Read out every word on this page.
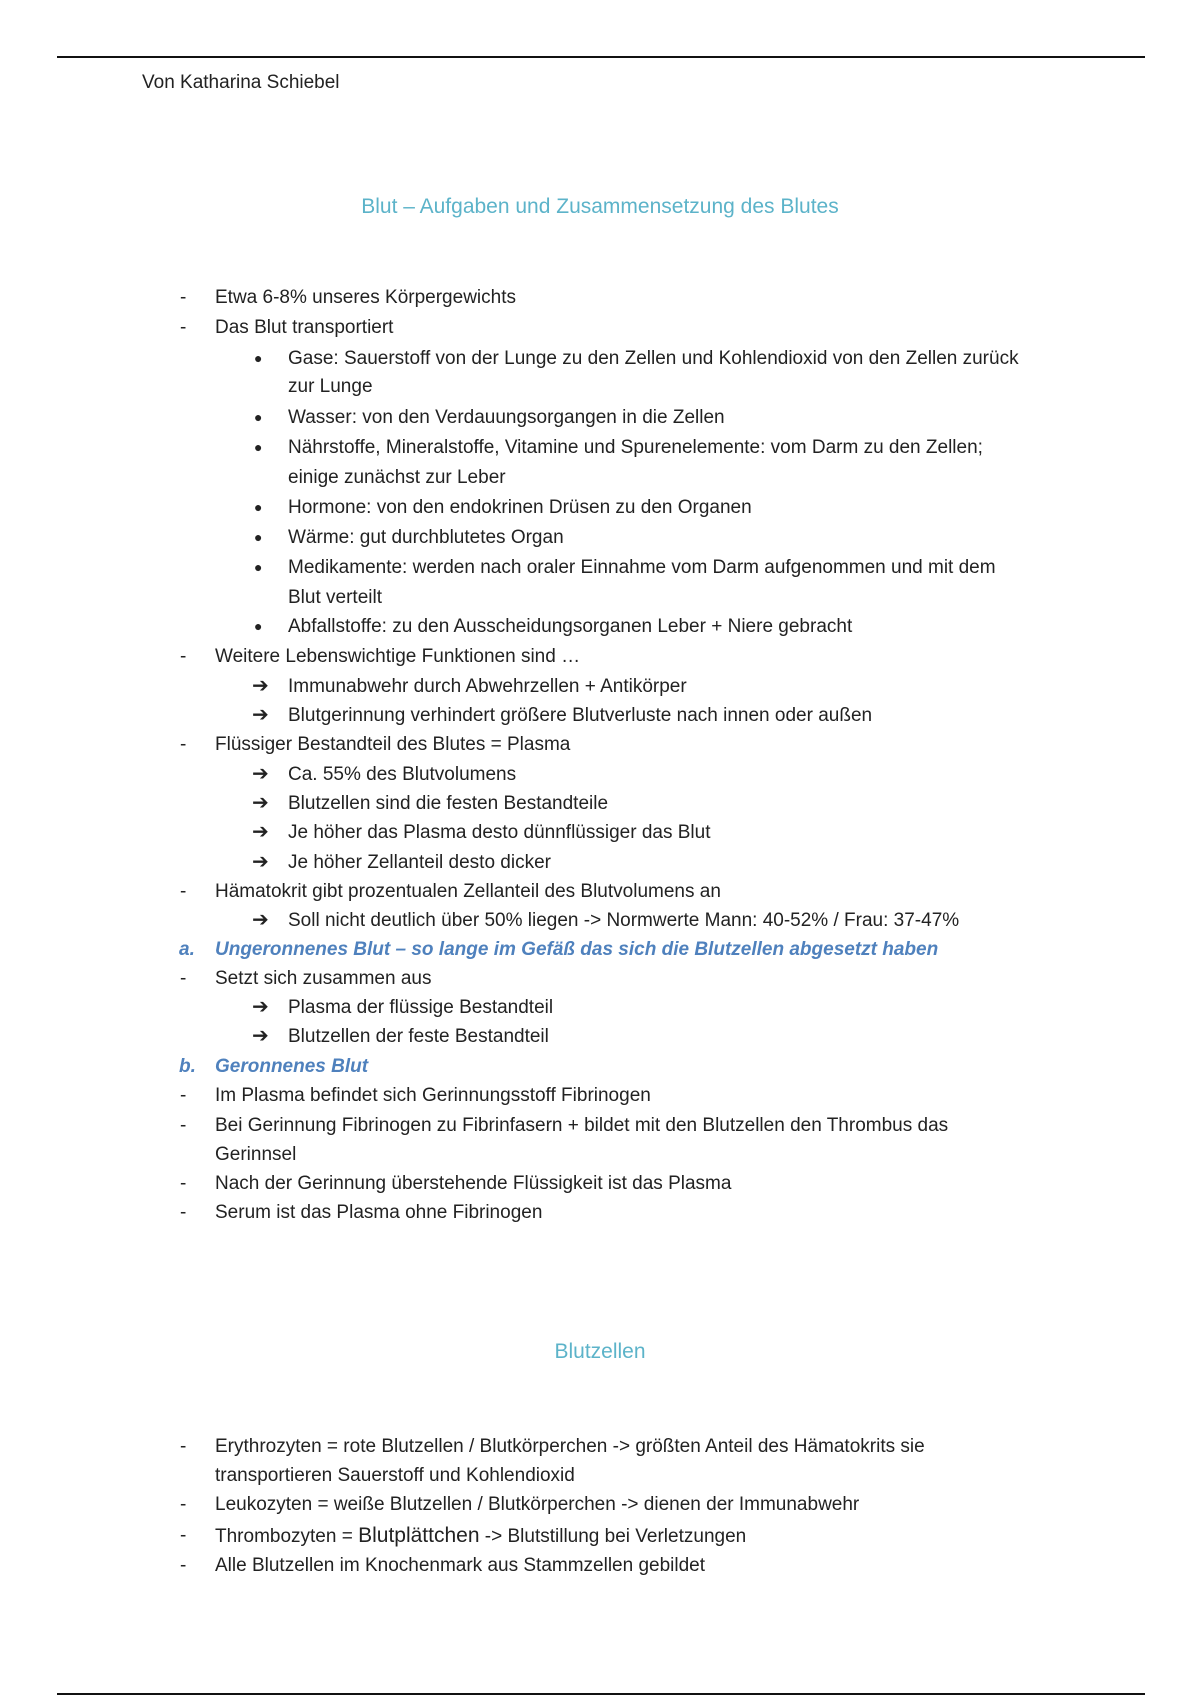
Von Katharina Schiebel
Blut – Aufgaben und Zusammensetzung des Blutes
- Etwa 6-8% unseres Körpergewichts
- Das Blut transportiert
● Gase: Sauerstoff von der Lunge zu den Zellen und Kohlendioxid von den Zellen zurück
zur Lunge
● Wasser: von den Verdauungsorgangen in die Zellen
● Nährstoffe, Mineralstoffe, Vitamine und Spurenelemente: vom Darm zu den Zellen;
einige zunächst zur Leber
● Hormone: von den endokrinen Drüsen zu den Organen
● Wärme: gut durchblutetes Organ
● Medikamente: werden nach oraler Einnahme vom Darm aufgenommen und mit dem
Blut verteilt
● Abfallstoffe: zu den Ausscheidungsorganen Leber + Niere gebracht
- Weitere Lebenswichtige Funktionen sind …
➔ Immunabwehr durch Abwehrzellen + Antikörper
➔ Blutgerinnung verhindert größere Blutverluste nach innen oder außen
- Flüssiger Bestandteil des Blutes = Plasma
➔ Ca. 55% des Blutvolumens
➔ Blutzellen sind die festen Bestandteile
➔ Je höher das Plasma desto dünnflüssiger das Blut
➔ Je höher Zellanteil desto dicker
- Hämatokrit gibt prozentualen Zellanteil des Blutvolumens an
➔ Soll nicht deutlich über 50% liegen -> Normwerte Mann: 40-52% / Frau: 37-47%
a. Ungeronnenes Blut – so lange im Gefäß das sich die Blutzellen abgesetzt haben
- Setzt sich zusammen aus
➔ Plasma der flüssige Bestandteil
➔ Blutzellen der feste Bestandteil
b. Geronnenes Blut
- Im Plasma befindet sich Gerinnungsstoff Fibrinogen
- Bei Gerinnung Fibrinogen zu Fibrinfasern + bildet mit den Blutzellen den Thrombus das
Gerinnsel
- Nach der Gerinnung überstehende Flüssigkeit ist das Plasma
- Serum ist das Plasma ohne Fibrinogen
Blutzellen
- Erythrozyten = rote Blutzellen / Blutkörperchen -> größten Anteil des Hämatokrits sie
transportieren Sauerstoff und Kohlendioxid
- Leukozyten = weiße Blutzellen / Blutkörperchen -> dienen der Immunabwehr
- Thrombozyten = Blutplättchen -> Blutstillung bei Verletzungen
- Alle Blutzellen im Knochenmark aus Stammzellen gebildet
